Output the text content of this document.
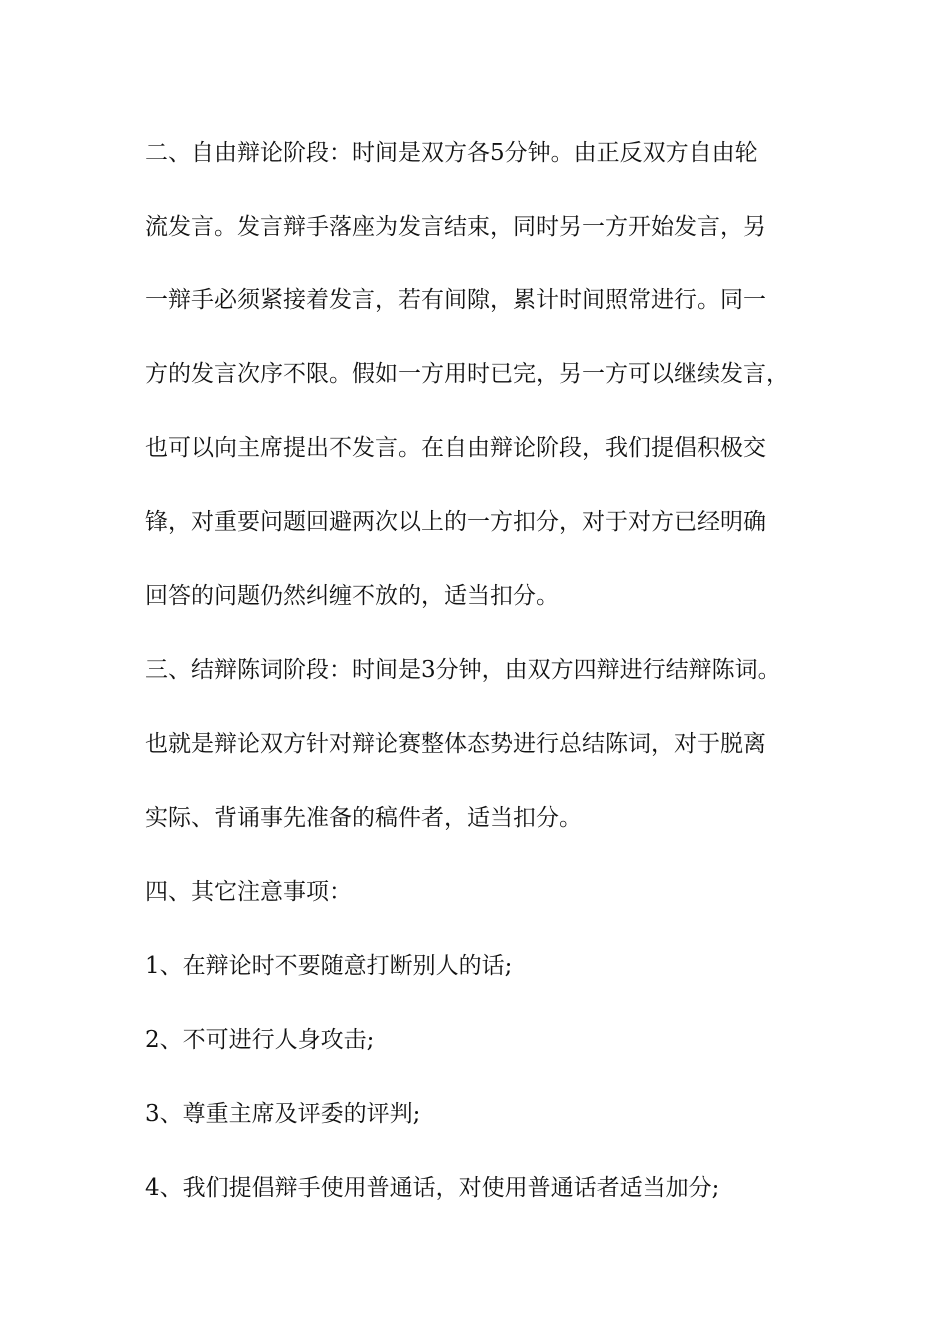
二、自由辩论阶段：时间是双方各5分钟。由正反双方自由轮
流发言。发言辩手落座为发言结束，同时另一方开始发言，另
一辩手必须紧接着发言，若有间隙，累计时间照常进行。同一
方的发言次序不限。假如一方用时已完，另一方可以继续发言，
也可以向主席提出不发言。在自由辩论阶段，我们提倡积极交
锋，对重要问题回避两次以上的一方扣分，对于对方已经明确
回答的问题仍然纠缠不放的，适当扣分。
三、结辩陈词阶段：时间是3分钟，由双方四辩进行结辩陈词。
也就是辩论双方针对辩论赛整体态势进行总结陈词，对于脱离
实际、背诵事先准备的稿件者，适当扣分。
四、其它注意事项：
1、在辩论时不要随意打断别人的话;
2、不可进行人身攻击;
3、尊重主席及评委的评判;
4、我们提倡辩手使用普通话，对使用普通话者适当加分;
